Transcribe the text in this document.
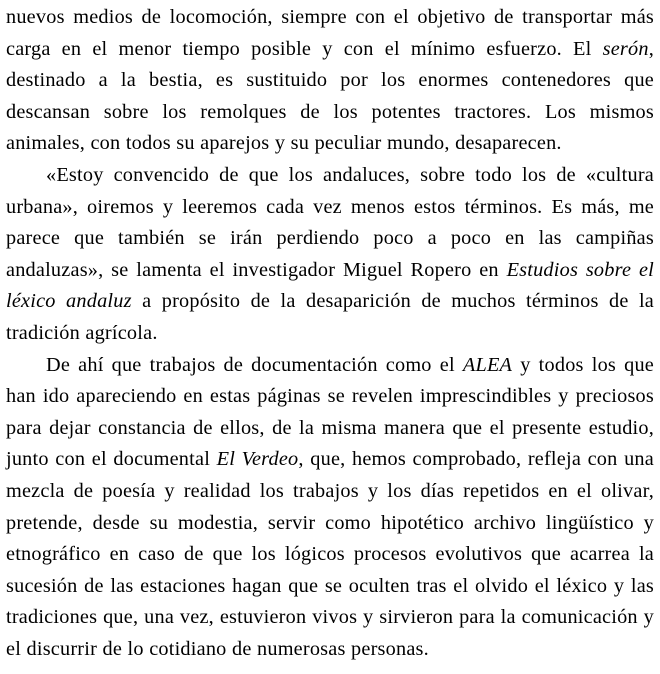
nuevos medios de locomoción, siempre con el objetivo de transportar más carga en el menor tiempo posible y con el mínimo esfuerzo. El serón, destinado a la bestia, es sustituido por los enormes contenedores que descansan sobre los remolques de los potentes tractores. Los mismos animales, con todos su aparejos y su peculiar mundo, desaparecen.

«Estoy convencido de que los andaluces, sobre todo los de «cultura urbana», oiremos y leeremos cada vez menos estos términos. Es más, me parece que también se irán perdiendo poco a poco en las campiñas andaluzas», se lamenta el investigador Miguel Ropero en Estudios sobre el léxico andaluz a propósito de la desaparición de muchos términos de la tradición agrícola.

De ahí que trabajos de documentación como el ALEA y todos los que han ido apareciendo en estas páginas se revelen imprescindibles y preciosos para dejar constancia de ellos, de la misma manera que el presente estudio, junto con el documental El Verdeo, que, hemos comprobado, refleja con una mezcla de poesía y realidad los trabajos y los días repetidos en el olivar, pretende, desde su modestia, servir como hipotético archivo lingüístico y etnográfico en caso de que los lógicos procesos evolutivos que acarrea la sucesión de las estaciones hagan que se oculten tras el olvido el léxico y las tradiciones que, una vez, estuvieron vivos y sirvieron para la comunicación y el discurrir de lo cotidiano de numerosas personas.
